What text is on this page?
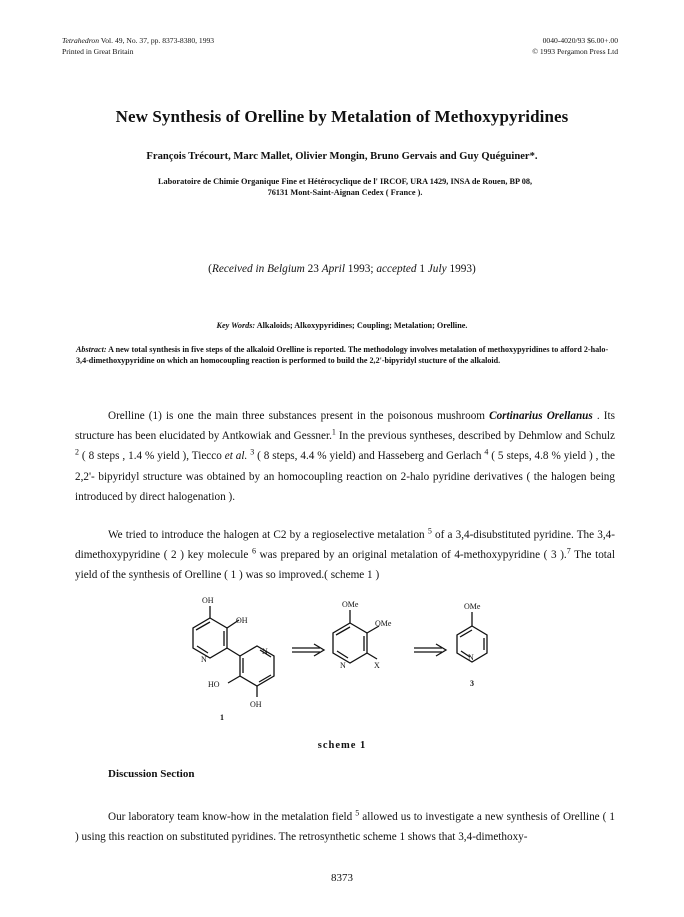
Tetrahedron Vol. 49, No. 37, pp. 8373-8380, 1993
Printed in Great Britain
0040-4020/93 $6.00+.00
© 1993 Pergamon Press Ltd
New Synthesis of Orelline by Metalation of Methoxypyridines
François Trécourt, Marc Mallet, Olivier Mongin, Bruno Gervais and Guy Quéguiner*.
Laboratoire de Chimie Organique Fine et Hétérocyclique de l' IRCOF, URA 1429, INSA de Rouen, BP 08,
76131 Mont-Saint-Aignan Cedex ( France ).
(Received in Belgium 23 April 1993; accepted 1 July 1993)
Key Words: Alkaloids; Alkoxypyridines; Coupling; Metalation; Orelline.
Abstract: A new total synthesis in five steps of the alkaloid Orelline is reported. The methodology involves metalation of methoxypyridines to afford 2-halo-3,4-dimethoxypyridine on which an homocoupling reaction is performed to build the 2,2'-bipyridyl stucture of the alkaloid.
Orelline (1) is one the main three substances present in the poisonous mushroom Cortinarius Orellanus . Its structure has been elucidated by Antkowiak and Gessner.$^1$ In the previous syntheses, described by Dehmlow and Schulz $^2$ ( 8 steps , 1.4 % yield ), Tiecco et al. $^3$ ( 8 steps, 4.4 % yield) and Hasseberg and Gerlach $^4$ ( 5 steps, 4.8 % yield ) , the 2,2'- bipyridyl structure was obtained by an homocoupling reaction on 2-halo pyridine derivatives ( the halogen being introduced by direct halogenation ).
We tried to introduce the halogen at C2 by a regioselective metalation $^5$ of a 3,4-disubstituted pyridine. The 3,4-dimethoxypyridine ( 2 ) key molecule $^6$ was prepared by an original metalation of 4-methoxypyridine ( 3 ).$^7$ The total yield of the synthesis of Orelline ( 1 ) was so improved.( scheme 1 )
OH
OH
N
N
HO
OH
1
OMe
OMe
N	X
OMe
N
3
scheme 1
Discussion Section
Our laboratory team know-how in the metalation field $^5$ allowed us to investigate a new synthesis of Orelline ( 1 ) using this reaction on substituted pyridines. The retrosynthetic scheme 1 shows that 3,4-dimethoxy-
8373
